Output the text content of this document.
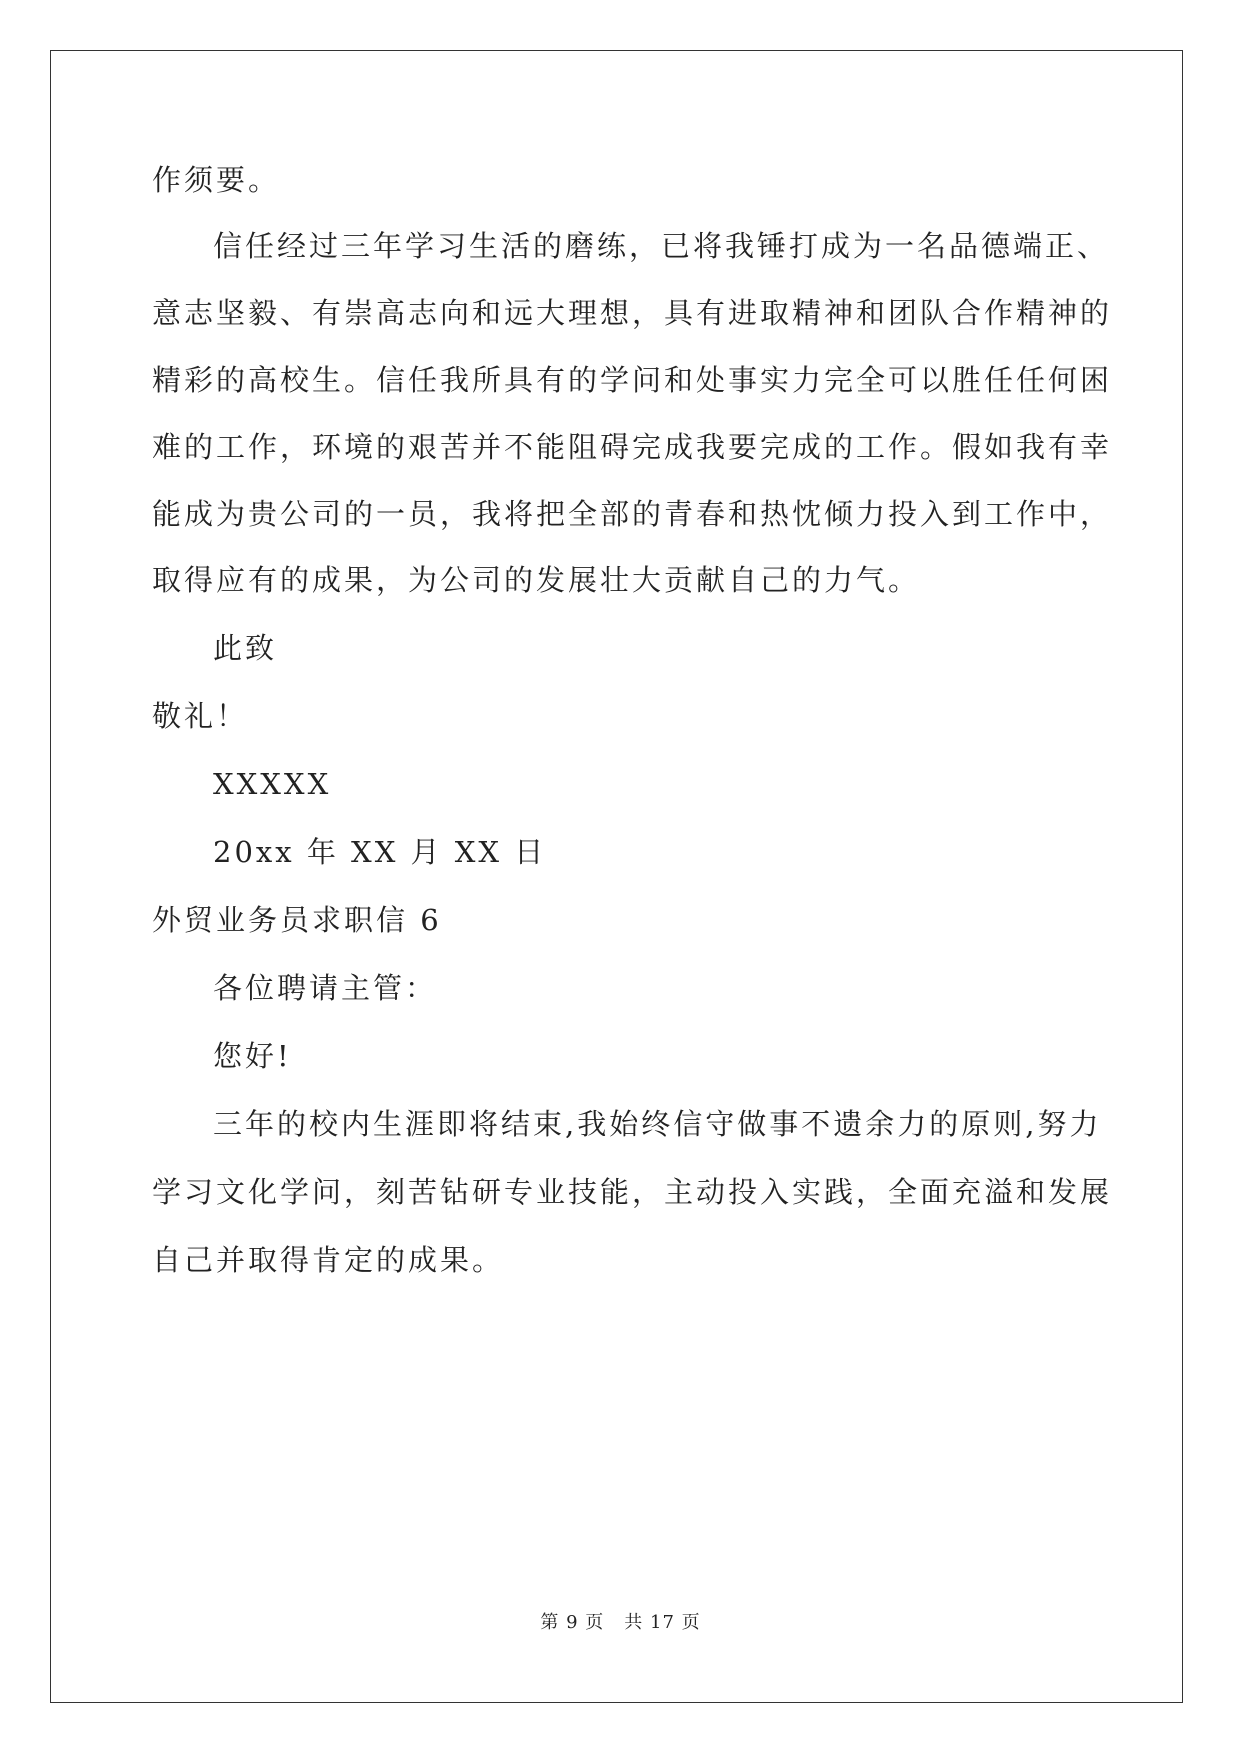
作须要。
信任经过三年学习生活的磨练，已将我锤打成为一名品德端正、
意志坚毅、有崇高志向和远大理想，具有进取精神和团队合作精神的
精彩的高校生。信任我所具有的学问和处事实力完全可以胜任任何困
难的工作，环境的艰苦并不能阻碍完成我要完成的工作。假如我有幸
能成为贵公司的一员，我将把全部的青春和热忱倾力投入到工作中，
取得应有的成果，为公司的发展壮大贡献自己的力气。
此致
敬礼！
XXXXX
20xx 年 XX 月 XX 日
外贸业务员求职信 6
各位聘请主管：
您好!
三年的校内生涯即将结束,我始终信守做事不遗余力的原则,努力
学习文化学问，刻苦钻研专业技能，主动投入实践，全面充溢和发展
自己并取得肯定的成果。
第 9 页 共 17 页
